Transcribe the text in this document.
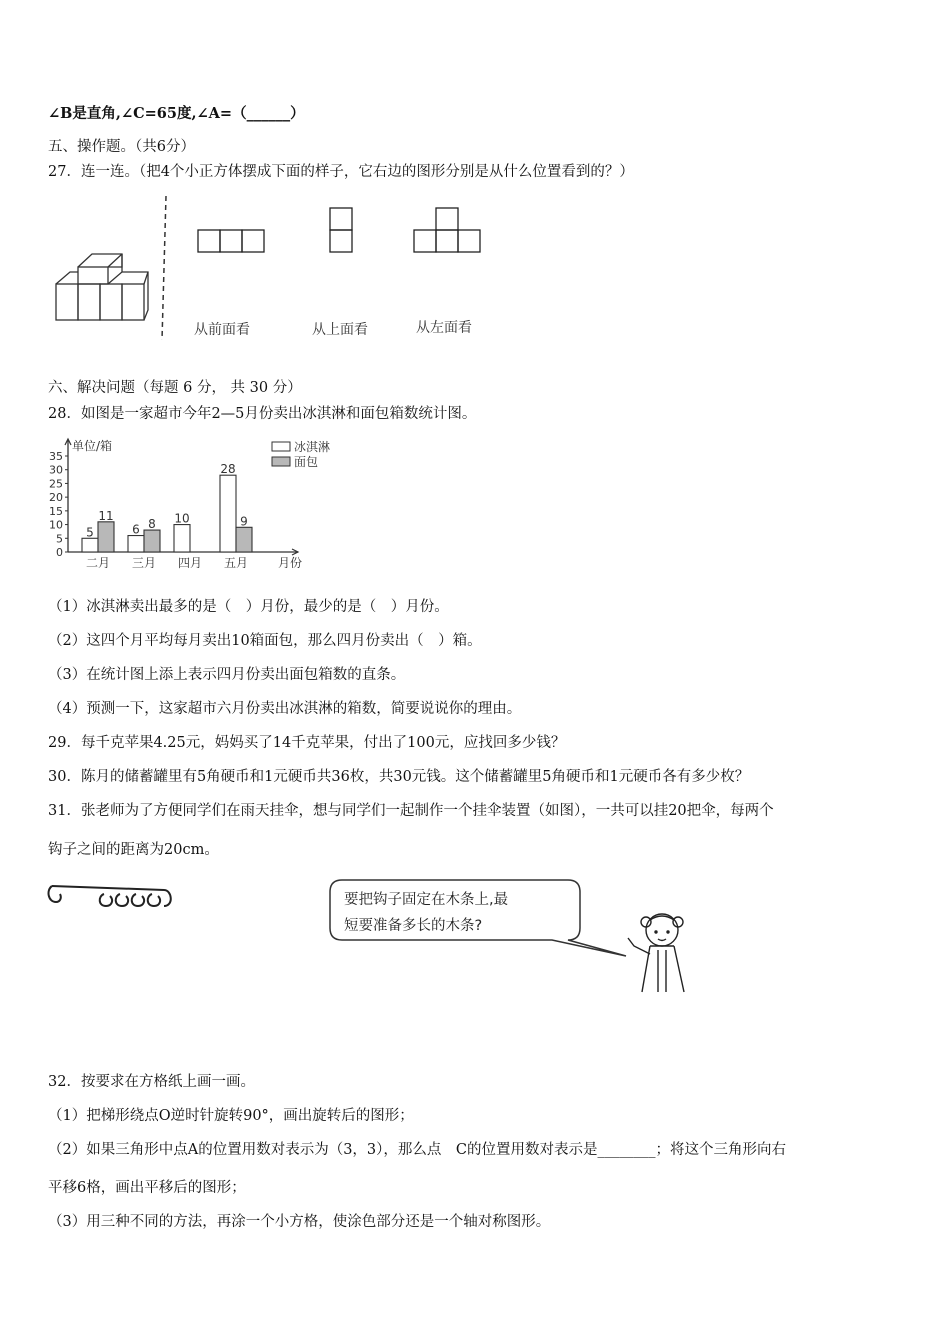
∠B是直角,∠C=65度,∠A=（______）
五、操作题。（共6分）
27．连一连。（把4个小正方体摆成下面的样子，它右边的图形分别是从什么位置看到的？）
从前面看	从上面看	从左面看
六、解决问题（每题 6 分， 共 30 分）
28．如图是一家超市今年2—5月份卖出冰淇淋和面包箱数统计图。
单位/箱
0
5
10
15
20
25
30
35
5
11
二月
6 8
三月
10
四月
28
9
五月 月份
冰淇淋
面包
（1）冰淇淋卖出最多的是（　）月份，最少的是（　）月份。
（2）这四个月平均每月卖出10箱面包，那么四月份卖出（　）箱。
（3）在统计图上添上表示四月份卖出面包箱数的直条。
（4）预测一下，这家超市六月份卖出冰淇淋的箱数，简要说说你的理由。
29．每千克苹果4.25元，妈妈买了14千克苹果，付出了100元，应找回多少钱？
30．陈月的储蓄罐里有5角硬币和1元硬币共36枚，共30元钱。这个储蓄罐里5角硬币和1元硬币各有多少枚？
31．张老师为了方便同学们在雨天挂伞，想与同学们一起制作一个挂伞装置（如图），一共可以挂20把伞，每两个
钩子之间的距离为20cm。
要把钩子固定在木条上,最
短要准备多长的木条?
32．按要求在方格纸上画一画。
（1）把梯形绕点O逆时针旋转90°，画出旋转后的图形；
（2）如果三角形中点A的位置用数对表示为（3，3），那么点　C的位置用数对表示是________；将这个三角形向右
平移6格，画出平移后的图形；
（3）用三种不同的方法，再涂一个小方格，使涂色部分还是一个轴对称图形。
